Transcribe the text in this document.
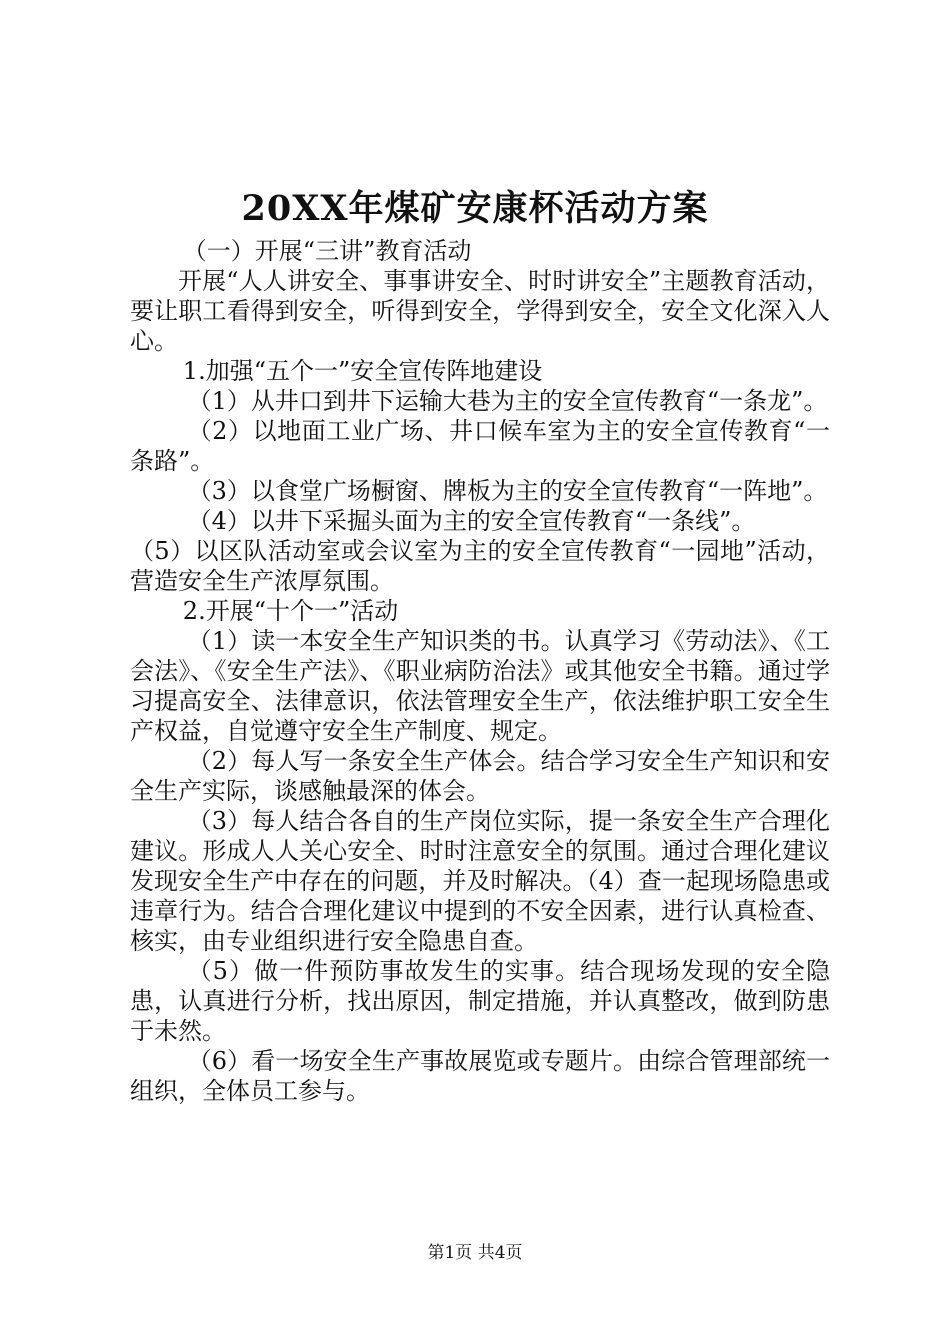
20XX年煤矿安康杯活动方案

（一）开展“三讲”教育活动

开展“人人讲安全、事事讲安全、时时讲安全”主题教育活动，要让职工看得到安全，听得到安全，学得到安全，安全文化深入人心。

1.加强“五个一”安全宣传阵地建设

（1）从井口到井下运输大巷为主的安全宣传教育“一条龙”。

（2）以地面工业广场、井口候车室为主的安全宣传教育“一条路”。

（3）以食堂广场橱窗、牌板为主的安全宣传教育“一阵地”。

（4）以井下采掘头面为主的安全宣传教育“一条线”。

（5）以区队活动室或会议室为主的安全宣传教育“一园地”活动，营造安全生产浓厚氛围。

2.开展“十个一”活动

（1）读一本安全生产知识类的书。认真学习《劳动法》、《工会法》、《安全生产法》、《职业病防治法》或其他安全书籍。通过学习提高安全、法律意识，依法管理安全生产，依法维护职工安全生产权益，自觉遵守安全生产制度、规定。

（2）每人写一条安全生产体会。结合学习安全生产知识和安全生产实际，谈感触最深的体会。

（3）每人结合各自的生产岗位实际，提一条安全生产合理化建议。形成人人关心安全、时时注意安全的氛围。通过合理化建议发现安全生产中存在的问题，并及时解决。（4）查一起现场隐患或违章行为。结合合理化建议中提到的不安全因素，进行认真检查、核实，由专业组织进行安全隐患自查。

（5）做一件预防事故发生的实事。结合现场发现的安全隐患，认真进行分析，找出原因，制定措施，并认真整改，做到防患于未然。

（6）看一场安全生产事故展览或专题片。由综合管理部统一组织，全体员工参与。

第1页 共4页
